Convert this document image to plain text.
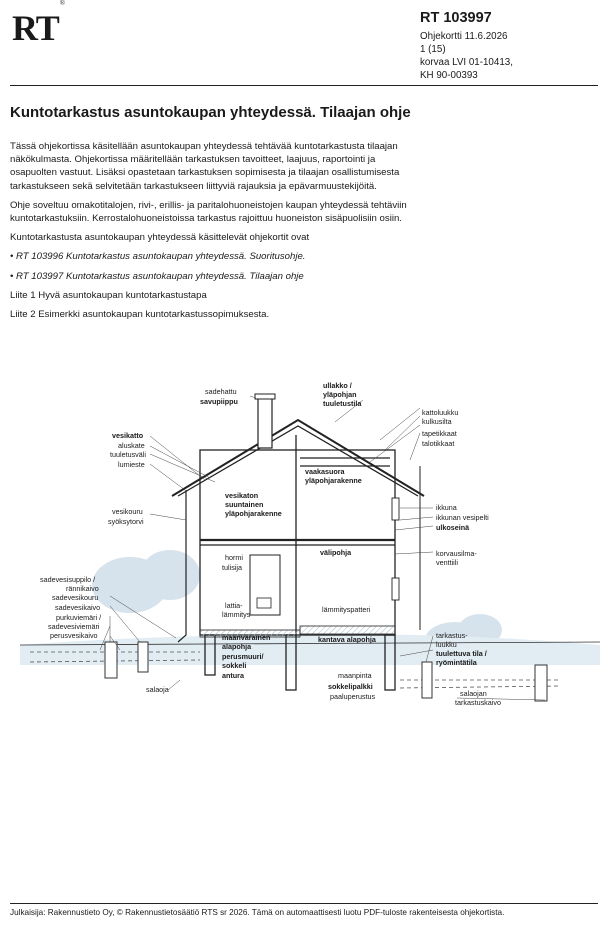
RT®
RT 103997
Ohjekortti 11.6.2026
1 (15)
korvaa LVI 01-10413,
KH 90-00393
Kuntotarkastus asuntokaupan yhteydessä. Tilaajan ohje

Tässä ohjekortissa käsitellään asuntokaupan yhteydessä tehtävää kuntotarkastusta tilaajan näkökulmasta. Ohjekortissa määritellään tarkastuksen tavoitteet, laajuus, raportointi ja osapuolten vastuut. Lisäksi opastetaan tarkastuksen sopimisesta ja tilaajan osallistumisesta tarkastukseen sekä selvitetään tarkastukseen liittyviä rajauksia ja epävarmuustekijöitä.

Ohje soveltuu omakotitalojen, rivi-, erillis- ja paritalohuoneistojen kaupan yhteydessä tehtäviin kuntotarkastuksiin. Kerrostalohuoneistoissa tarkastus rajoittuu huoneiston sisäpuolisiin osiin.

Kuntotarkastusta asuntokaupan yhteydessä käsittelevät ohjekortit ovat

• RT 103996 Kuntotarkastus asuntokaupan yhteydessä. Suoritusohje.

• RT 103997 Kuntotarkastus asuntokaupan yhteydessä. Tilaajan ohje

Liite 1 Hyvä asuntokaupan kuntotarkastustapa

Liite 2 Esimerkki asuntokaupan kuntotarkastussopimuksesta.

sadehattu
savupiippu
ullakko /
yläpohjan
tuuletustila
kattoluukku
kulkusilta
tapetikkaat
talotikkaat
vesikatto
aluskate
tuuletusväli
lumieste
vaakasuora
yläpohjarakenne
vesikaton
suuntainen
yläpohjarakenne
vesikouru
syöksytorvi
ikkuna
ikkunan vesipelti
ulkoseinä
välipohja
hormi
tulisija
korvausilma-
venttiili
sadevesisuppilo /
rännikaivo
sadevesikouru
sadevesikaivo
purkuviemäri /
sadevesiviemäri
perusvesikaivo
lattia-
lämmitys
lämmityspatteri
maanvarainen
alapohja
kantava alapohja	tarkastus-
luukku
tuulettuva tila /
ryömintätila
perusmuuri/
sokkeli
antura
salaoja
maanpinta
sokkelipalkki
paaluperustus	salaojan
tarkastuskaivo
Julkaisija: Rakennustieto Oy, © Rakennustietosäätiö RTS sr 2026. Tämä on automaattisesti luotu PDF-tuloste rakenteisesta ohjekortista.
